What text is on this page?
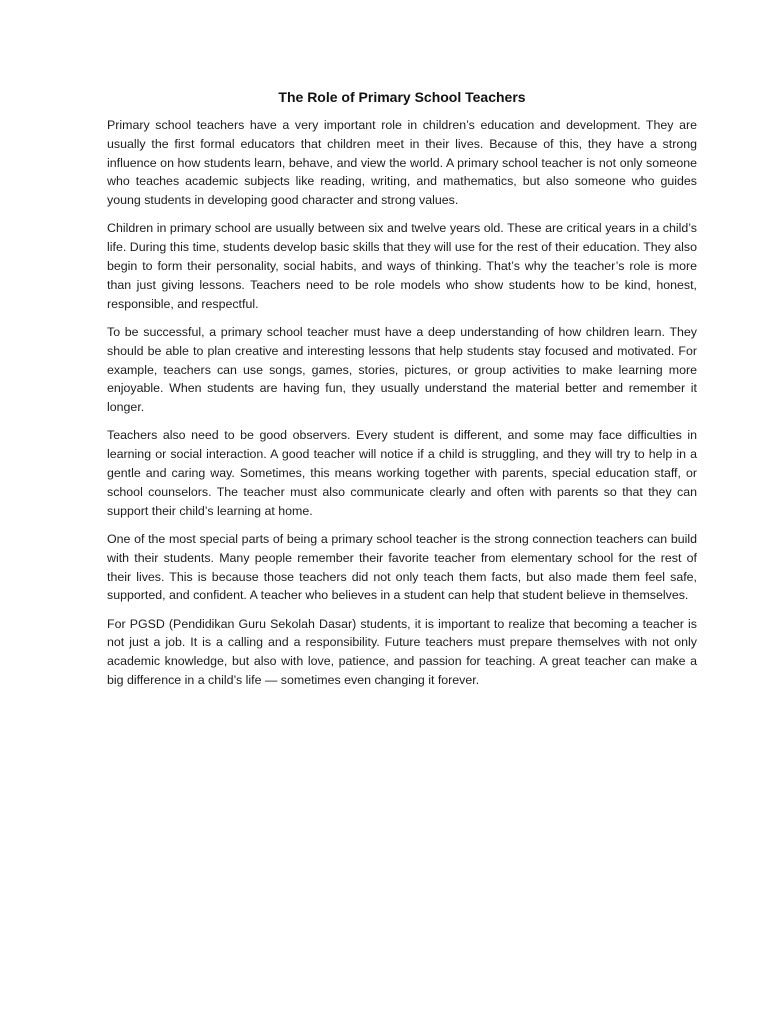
The Role of Primary School Teachers

Primary school teachers have a very important role in children’s education and development. They are usually the first formal educators that children meet in their lives. Because of this, they have a strong influence on how students learn, behave, and view the world. A primary school teacher is not only someone who teaches academic subjects like reading, writing, and mathematics, but also someone who guides young students in developing good character and strong values.

Children in primary school are usually between six and twelve years old. These are critical years in a child’s life. During this time, students develop basic skills that they will use for the rest of their education. They also begin to form their personality, social habits, and ways of thinking. That’s why the teacher’s role is more than just giving lessons. Teachers need to be role models who show students how to be kind, honest, responsible, and respectful.

To be successful, a primary school teacher must have a deep understanding of how children learn. They should be able to plan creative and interesting lessons that help students stay focused and motivated. For example, teachers can use songs, games, stories, pictures, or group activities to make learning more enjoyable. When students are having fun, they usually understand the material better and remember it longer.

Teachers also need to be good observers. Every student is different, and some may face difficulties in learning or social interaction. A good teacher will notice if a child is struggling, and they will try to help in a gentle and caring way. Sometimes, this means working together with parents, special education staff, or school counselors. The teacher must also communicate clearly and often with parents so that they can support their child’s learning at home.

One of the most special parts of being a primary school teacher is the strong connection teachers can build with their students. Many people remember their favorite teacher from elementary school for the rest of their lives. This is because those teachers did not only teach them facts, but also made them feel safe, supported, and confident. A teacher who believes in a student can help that student believe in themselves.

For PGSD (Pendidikan Guru Sekolah Dasar) students, it is important to realize that becoming a teacher is not just a job. It is a calling and a responsibility. Future teachers must prepare themselves with not only academic knowledge, but also with love, patience, and passion for teaching. A great teacher can make a big difference in a child’s life — sometimes even changing it forever.
